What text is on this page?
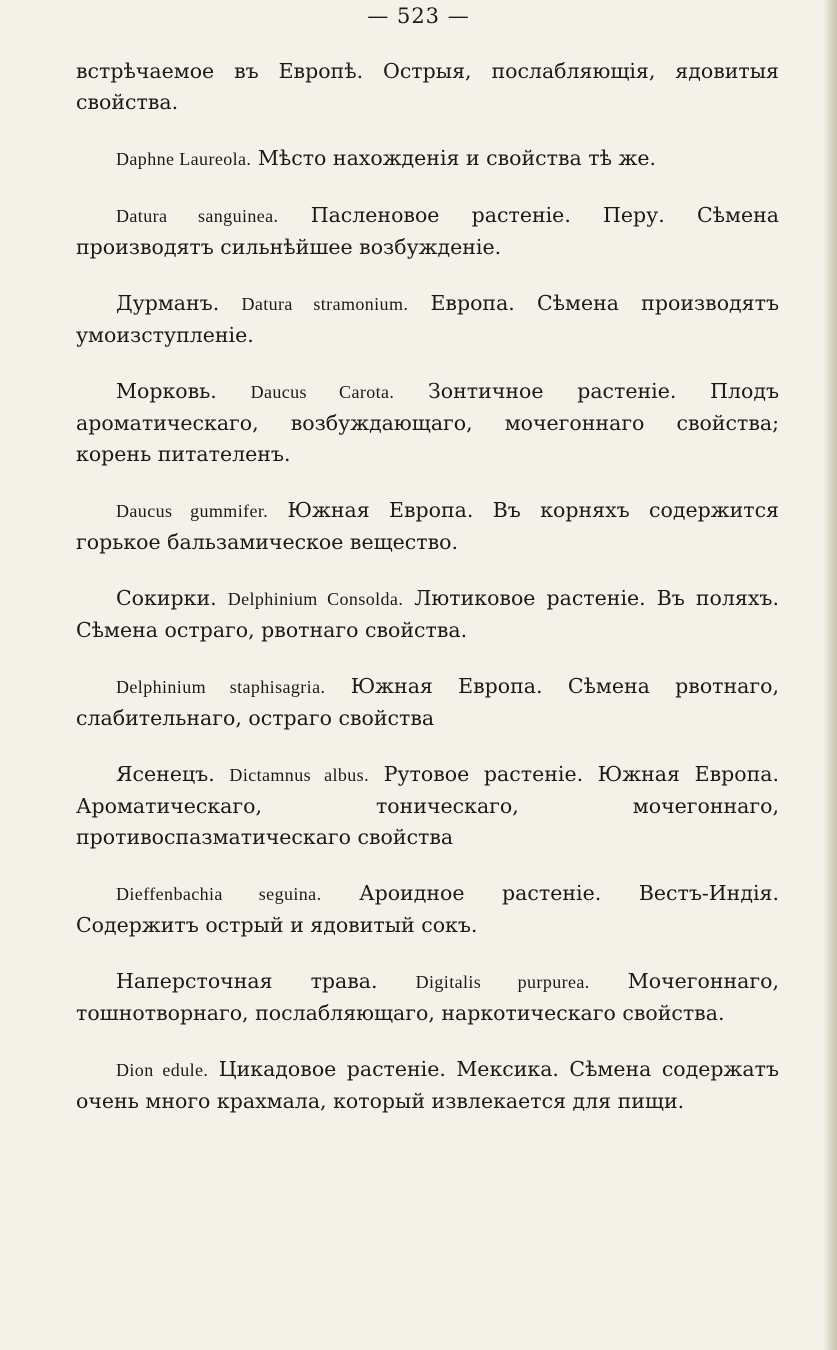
— 523 —

встрѣчаемое въ Европѣ. Острыя, послабляющія, ядовитыя свойства.

Daphne Laureola. Мѣсто нахожденія и свойства тѣ же.

Datura sanguinea. Пасленовое растеніе. Перу. Сѣмена производятъ сильнѣйшее возбужденіе.

Дурманъ. Datura stramonium. Европа. Сѣмена производятъ умоизступленіе.

Морковь. Daucus Carota. Зонтичное растеніе. Плодъ ароматическаго, возбуждающаго, мочегоннаго свойства; корень питателенъ.

Daucus gummifer. Южная Европа. Въ корняхъ содержится горькое бальзамическое вещество.

Сокирки. Delphinium Consolda. Лютиковое растеніе. Въ поляхъ. Сѣмена остраго, рвотнаго свойства.

Delphinium staphisagria. Южная Европа. Сѣмена рвотнаго, слабительнаго, остраго свойства

Ясенецъ. Dictamnus albus. Рутовое растеніе. Южная Европа. Ароматическаго, тоническаго, мочегоннаго, противоспазматическаго свойства

Dieffenbachia seguina. Ароидное растеніе. Вестъ-Индія. Содержитъ острый и ядовитый сокъ.

Наперсточная трава. Digitalis purpurea. Мочегоннаго, тошнотворнаго, послабляющаго, наркотическаго свойства.

Dion edule. Цикадовое растеніе. Мексика. Сѣмена содержатъ очень много крахмала, который извлекается для пищи.
